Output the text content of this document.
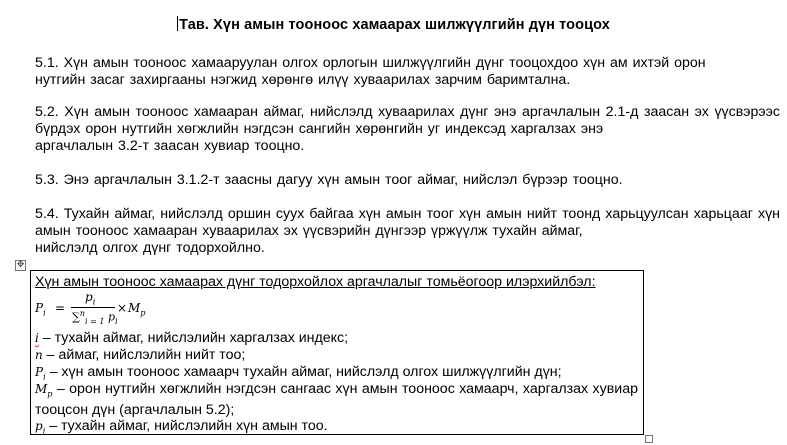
Тав. Хүн амын тооноос хамаарах шилжүүлгийн дүн тооцох
5.1. Хүн амын тооноос хамааруулан олгох орлогын шилжүүлгийн дүнг тооцохдоо хүн ам ихтэй орон
нутгийн засаг захиргааны нэгжид хөрөнгө илүү хуваарилах зарчим баримтална.
5.2. Хүн амын тооноос хамааран аймаг, нийслэлд хуваарилах дүнг энэ аргачлалын 2.1-д заасан эх үүсвэрээс бүрдэх орон нутгийн хөгжлийн нэгдсэн сангийн хөрөнгийн уг индексэд харгалзах энэ
аргачлалын 3.2-т заасан хувиар тооцно.
5.3. Энэ аргачлалын 3.1.2-т заасны дагуу хүн амын тоог аймаг, нийслэл бүрээр тооцно.
5.4. Тухайн аймаг, нийслэлд оршин суух байгаа хүн амын тоог хүн амын нийт тоонд харьцуулсан харьцааг хүн амын тооноос хамааран хуваарилах эх үүсвэрийн дүнгээр үржүүлж тухайн аймаг,
нийслэлд олгох дүнг тодорхойлно.
✥
Хүн амын тооноос хамаарах дүнг тодорхойлох аргачлалыг томьёогоор илэрхийлбэл:
$P_i$ =
$p_i$
∑$^n_{i = 1}$ $p_i$
× $M_p$
i – тухайн аймаг, нийслэлийн харгалзах индекс;
n – аймаг, нийслэлийн нийт тоо;
$P_i$ – хүн амын тооноос хамаарч тухайн аймаг, нийслэлд олгох шилжүүлгийн дүн;
$M_p$ – орон нутгийн хөгжлийн нэгдсэн сангаас хүн амын тооноос хамаарч, харгалзах хувиар тооцсон дүн (аргачлалын 5.2);
$p_i$ – тухайн аймаг, нийслэлийн хүн амын тоо.
